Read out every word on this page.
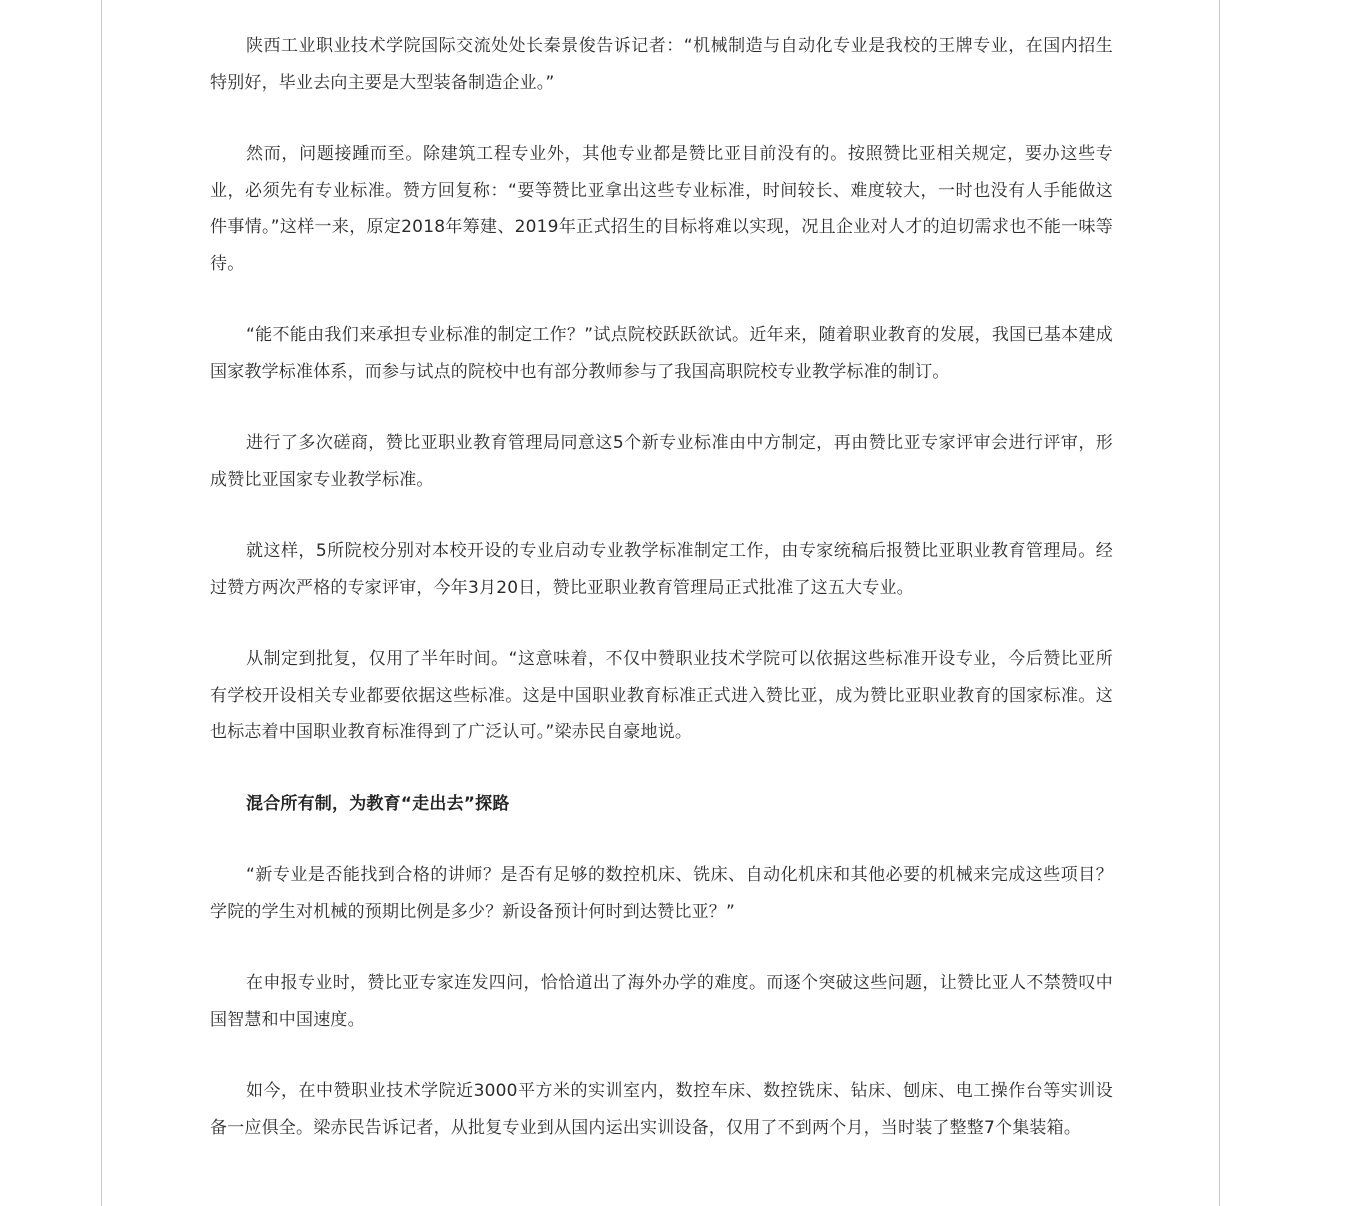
陕西工业职业技术学院国际交流处处长秦景俊告诉记者：“机械制造与自动化专业是我校的王牌专业，在国内招生特别好，毕业去向主要是大型装备制造企业。”

然而，问题接踵而至。除建筑工程专业外，其他专业都是赞比亚目前没有的。按照赞比亚相关规定，要办这些专业，必须先有专业标准。赞方回复称：“要等赞比亚拿出这些专业标准，时间较长、难度较大，一时也没有人手能做这件事情。”这样一来，原定2018年筹建、2019年正式招生的目标将难以实现，况且企业对人才的迫切需求也不能一味等待。

“能不能由我们来承担专业标准的制定工作？”试点院校跃跃欲试。近年来，随着职业教育的发展，我国已基本建成国家教学标准体系，而参与试点的院校中也有部分教师参与了我国高职院校专业教学标准的制订。

进行了多次磋商，赞比亚职业教育管理局同意这5个新专业标准由中方制定，再由赞比亚专家评审会进行评审，形成赞比亚国家专业教学标准。

就这样，5所院校分别对本校开设的专业启动专业教学标准制定工作，由专家统稿后报赞比亚职业教育管理局。经过赞方两次严格的专家评审，今年3月20日，赞比亚职业教育管理局正式批准了这五大专业。

从制定到批复，仅用了半年时间。“这意味着，不仅中赞职业技术学院可以依据这些标准开设专业，今后赞比亚所有学校开设相关专业都要依据这些标准。这是中国职业教育标准正式进入赞比亚，成为赞比亚职业教育的国家标准。这也标志着中国职业教育标准得到了广泛认可。”梁赤民自豪地说。

混合所有制，为教育“走出去”探路

“新专业是否能找到合格的讲师？是否有足够的数控机床、铣床、自动化机床和其他必要的机械来完成这些项目？学院的学生对机械的预期比例是多少？新设备预计何时到达赞比亚？”

在申报专业时，赞比亚专家连发四问，恰恰道出了海外办学的难度。而逐个突破这些问题，让赞比亚人不禁赞叹中国智慧和中国速度。

如今，在中赞职业技术学院近3000平方米的实训室内，数控车床、数控铣床、钻床、刨床、电工操作台等实训设备一应俱全。梁赤民告诉记者，从批复专业到从国内运出实训设备，仅用了不到两个月，当时装了整整7个集装箱。
